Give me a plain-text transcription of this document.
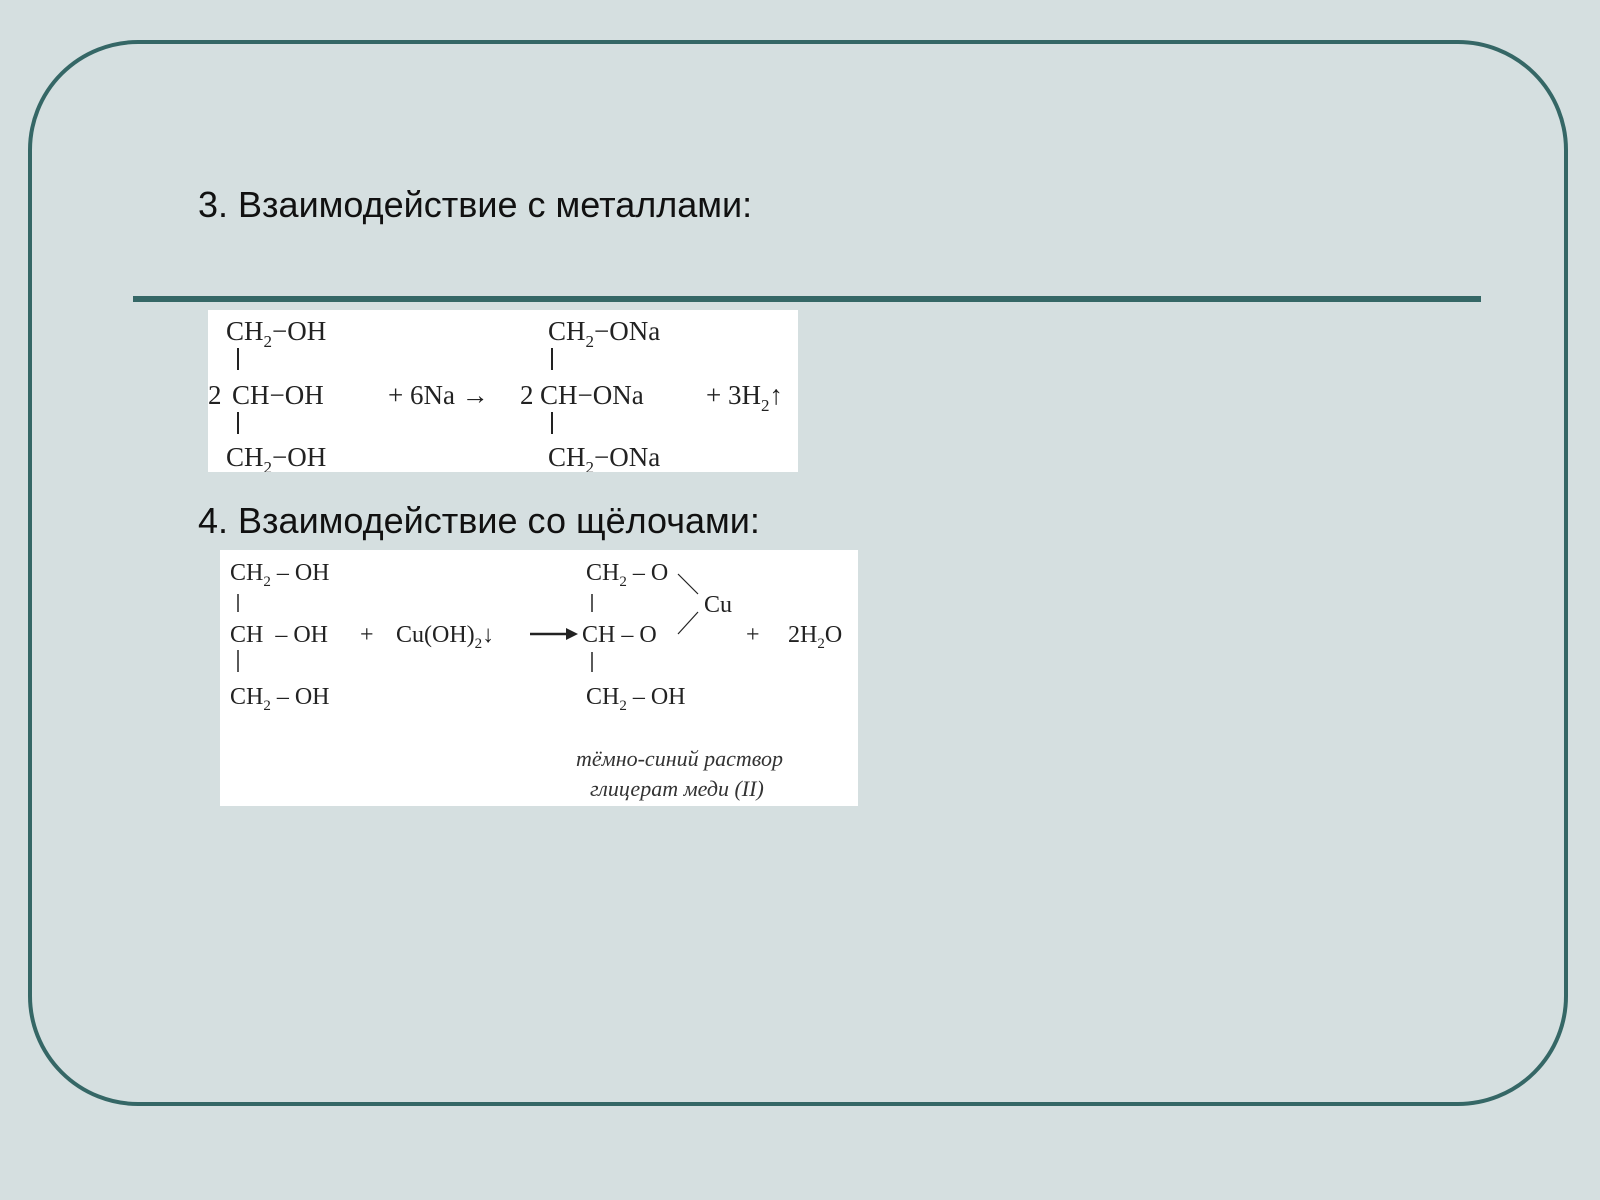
3. Взаимодействие с металлами:
$CH_2-OH$
2 CH−OH
$CH_2-OH$
+ 6Na →
$CH_2-ONa$
2 CH−ONa
$CH_2-ONa$
+ $3H_2↑$
4. Взаимодействие со щёлочами:
$CH_2$ – OH
CH  – OH
$CH_2$ – OH
+ $Cu(OH)_2↓$
$CH_2$ – O
CH – O
$CH_2$ – OH
Cu
+ $2H_2O$
тёмно-синий раствор
глицерат меди (II)
